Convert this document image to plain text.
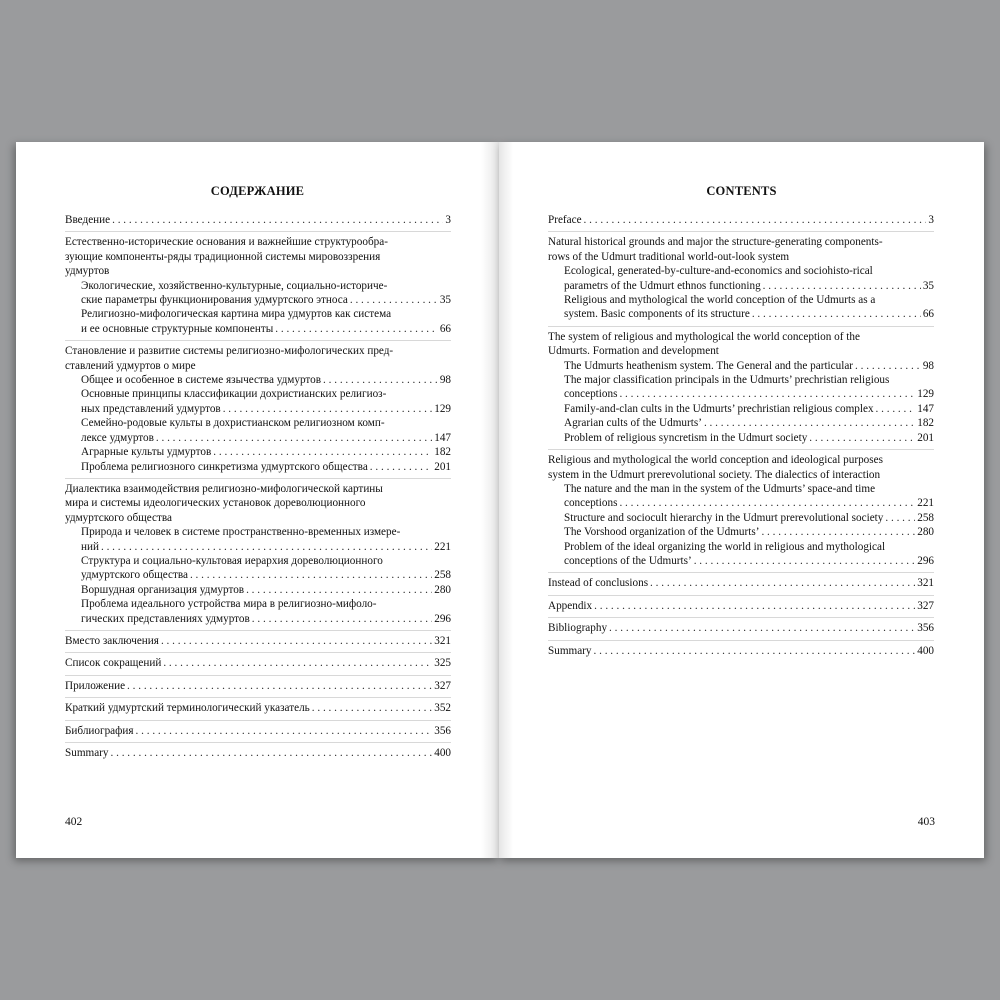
СОДЕРЖАНИЕ
Введение . . .	3
Естественно-исторические основания и важнейшие структурообра-
зующие компоненты-ряды традиционной системы мировоззрения
удмуртов
Экологические, хозяйственно-культурные, социально-историче-
ские параметры функционирования удмуртского этноса . . .	35
Религиозно-мифологическая картина мира удмуртов как система
и ее основные структурные компоненты . . .	66
Становление и развитие системы религиозно-мифологических пред-
ставлений удмуртов о мире
Общее и особенное в системе язычества удмуртов . . .	98
Основные принципы классификации дохристианских религиоз-
ных представлений удмуртов . . .	129
Семейно-родовые культы в дохристианском религиозном комп-
лексе удмуртов . . .	147
Аграрные культы удмуртов . . .	182
Проблема религиозного синкретизма удмуртского общества . . .	201
Диалектика взаимодействия религиозно-мифологической картины
мира и системы идеологических установок дореволюционного
удмуртского общества
Природа и человек в системе пространственно-временных измере-
ний . . .	221
Структура и социально-культовая иерархия дореволюционного
удмуртского общества . . .	258
Воршудная организация удмуртов . . .	280
Проблема идеального устройства мира в религиозно-мифоло-
гических представлениях удмуртов . . .	296
Вместо заключения . . .	321
Список сокращений . . .	325
Приложение . . .	327
Краткий удмуртский терминологический указатель . . .	352
Библиография . . .	356
Summary . . .	400
402
CONTENTS
Preface . . .	3
Natural historical grounds and major the structure-generating components-
rows of the Udmurt traditional world-out-look system
Ecological, generated-by-culture-and-economics and sociohisto-rical
parametrs of the Udmurt ethnos functioning . . .	35
Religious and mythological the world conception of the Udmurts as a
system. Basic components of its structure . . .	66
The system of religious and mythological the world conception of the
Udmurts. Formation and development
The Udmurts heathenism system. The General and the particular . . .	98
The major classification principals in the Udmurts’ prechristian religious
conceptions . . .	129
Family-and-clan cults in the Udmurts’ prechristian religious complex . . .	147
Agrarian cults of the Udmurts’ . . .	182
Problem of religious syncretism in the Udmurt society . . .	201
Religious and mythological the world conception and ideological purposes
system in the Udmurt prerevolutional society. The dialectics of interaction
The nature and the man in the system of the Udmurts’ space-and time
conceptions . . .	221
Structure and sociocult hierarchy in the Udmurt prerevolutional society . . .	258
The Vorshood organization of the Udmurts’ . . .	280
Problem of the ideal organizing the world in religious and mythological
conceptions of the Udmurts’ . . .	296
Instead of conclusions . . .	321
Appendix . . .	327
Bibliography . . .	356
Summary . . .	400
403
